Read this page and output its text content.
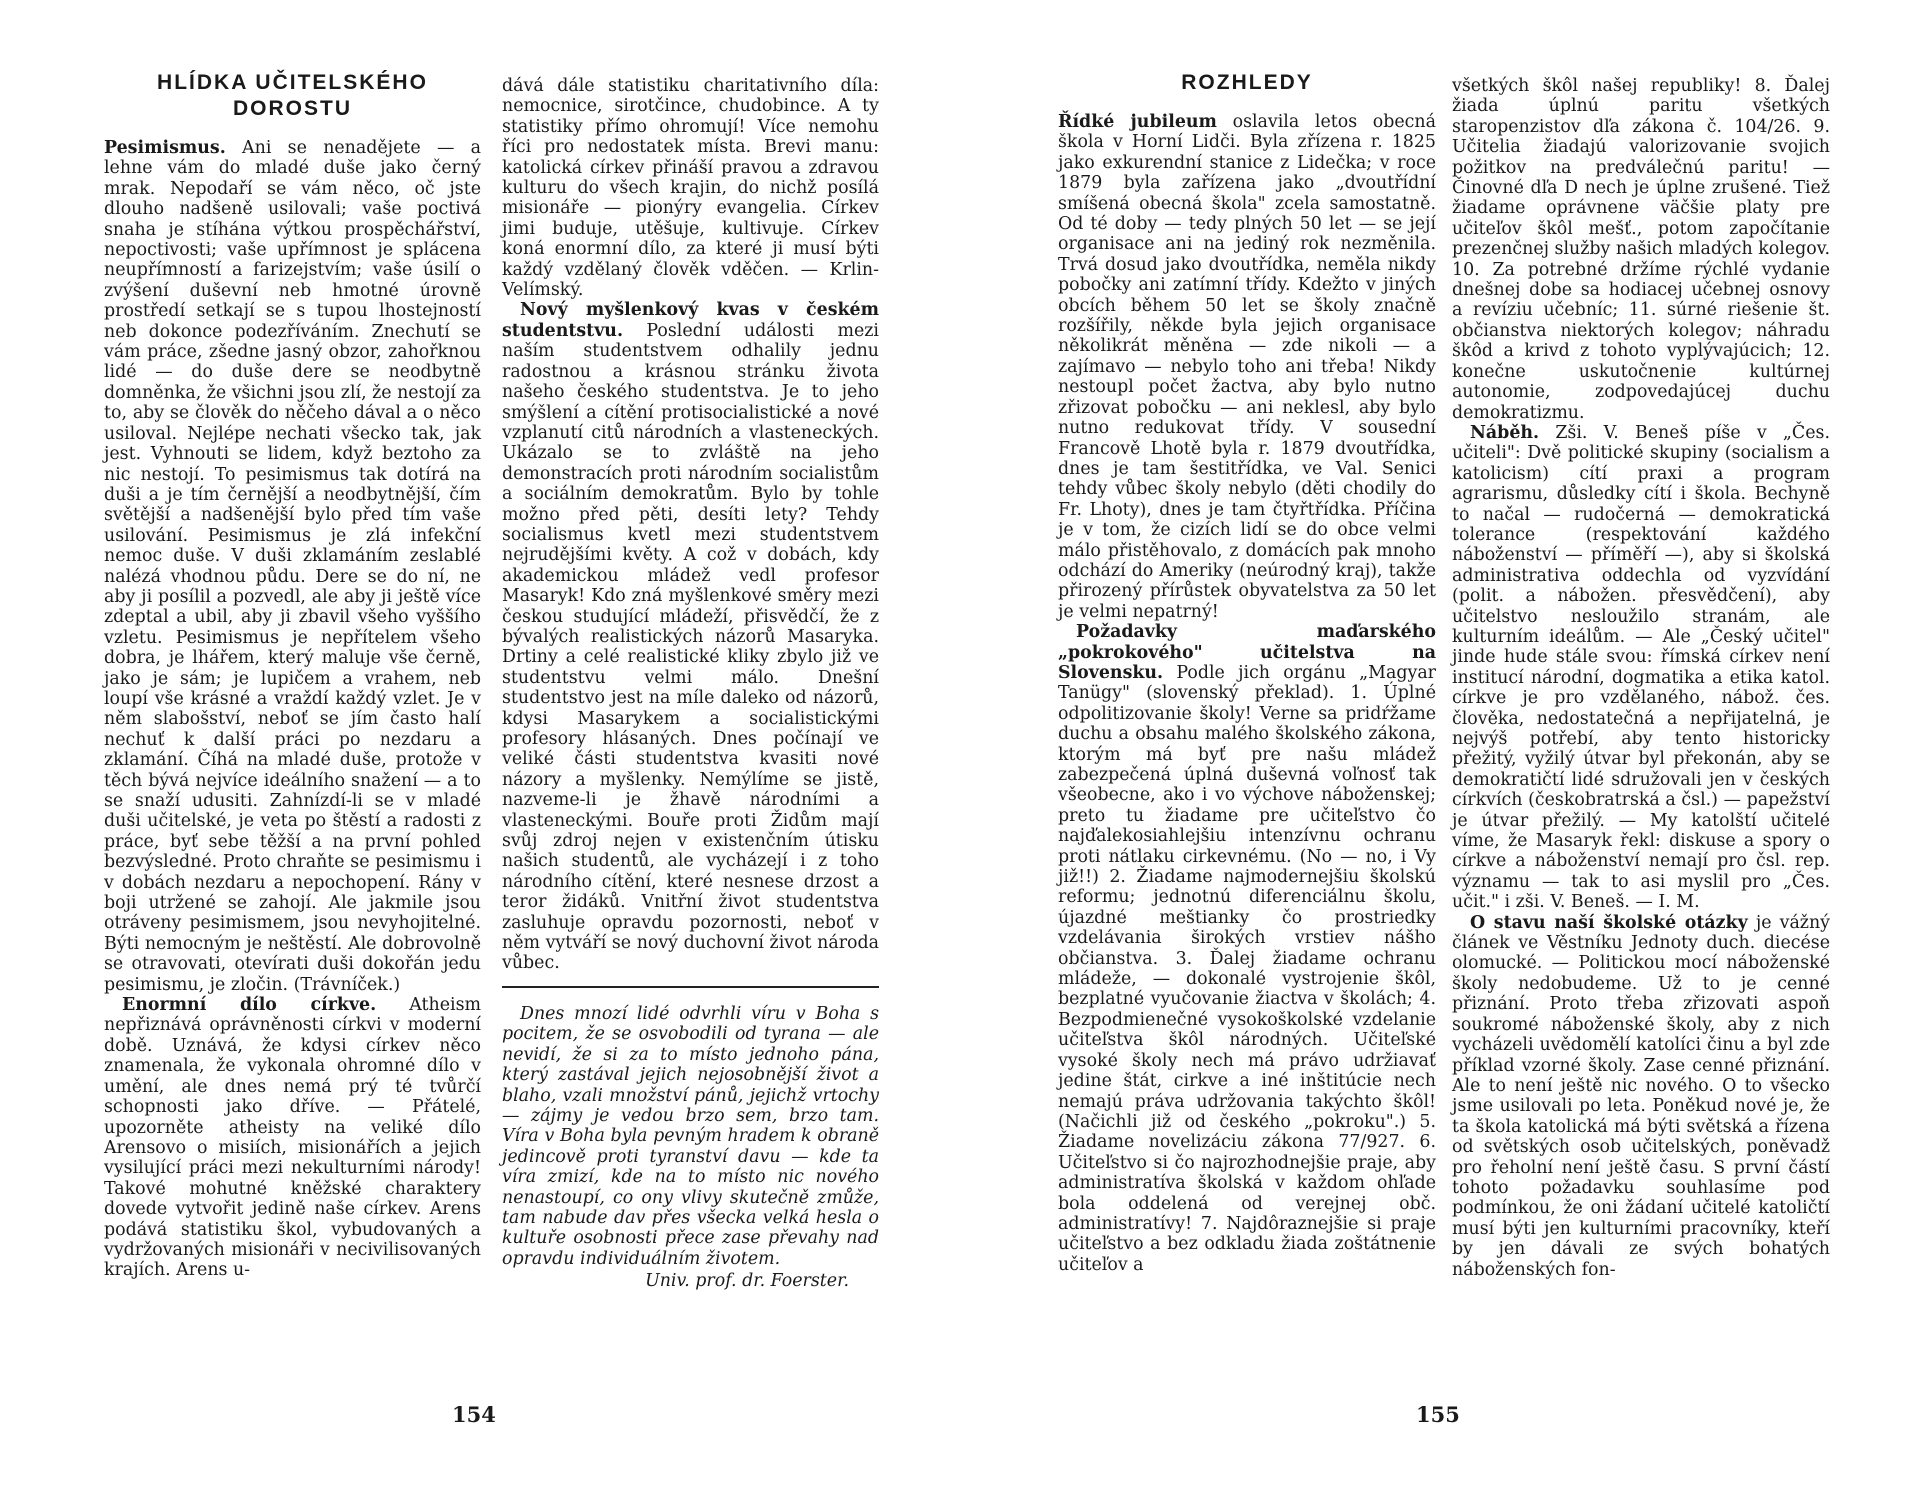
HLÍDKA UČITELSKÉHO DOROSTU

Pesimismus. Ani se nenadějete — a lehne vám do mladé duše jako černý mrak. Nepodaří se vám něco, oč jste dlouho nadšeně usilovali; vaše poctivá snaha je stíhána výtkou prospěchářství, nepoctivosti; vaše upřímnost je splácena neupřímností a farizejstvím; vaše úsilí o zvýšení duševní neb hmotné úrovně prostředí setkají se s tupou lhostejností neb dokonce podezříváním. Znechutí se vám práce, zšedne jasný obzor, zahořknou lidé — do duše dere se neodbytně domněnka, že všichni jsou zlí, že nestojí za to, aby se člověk do něčeho dával a o něco usiloval. Nejlépe nechati všecko tak, jak jest. Vyhnouti se lidem, když beztoho za nic nestojí. To pesimismus tak dotírá na duši a je tím černější a neodbytnější, čím světější a nadšenější bylo před tím vaše usilování. Pesimismus je zlá infekční nemoc duše. V duši zklamáním zeslablé nalézá vhodnou půdu. Dere se do ní, ne aby ji posílil a pozvedl, ale aby ji ještě více zdeptal a ubil, aby ji zbavil všeho vyššího vzletu. Pesimismus je nepřítelem všeho dobra, je lhářem, který maluje vše černě, jako je sám; je lupičem a vrahem, neb loupí vše krásné a vraždí každý vzlet. Je v něm slabošství, neboť se jím často halí nechuť k další práci po nezdaru a zklamání. Číhá na mladé duše, protože v těch bývá nejvíce ideálního snažení — a to se snaží udusiti. Zahnízdí-li se v mladé duši učitelské, je veta po štěstí a radosti z práce, byť sebe těžší a na první pohled bezvýsledné. Proto chraňte se pesimismu i v dobách nezdaru a nepochopení. Rány v boji utržené se zahojí. Ale jakmile jsou otráveny pesimismem, jsou nevyhojitelné. Býti nemocným je neštěstí. Ale dobrovolně se otravovati, otevírati duši dokořán jedu pesimismu, je zločin. (Trávníček.)

Enormní dílo církve. Atheism nepřiznává oprávněnosti církvi v moderní době. Uznává, že kdysi církev něco znamenala, že vykonala ohromné dílo v umění, ale dnes nemá prý té tvůrčí schopnosti jako dříve. — Přátelé, upozorněte atheisty na veliké dílo Arensovo o misiích, misionářích a jejich vysilující práci mezi nekulturními národy! Takové mohutné kněžské charaktery dovede vytvořit jedině naše církev. Arens podává statistiku škol, vybudovaných a vydržovaných misionáři v necivilisovaných krajích. Arens u-

dává dále statistiku charitativního díla: nemocnice, sirotčince, chudobince. A ty statistiky přímo ohromují! Více nemohu říci pro nedostatek místa. Brevi manu: katolická církev přináší pravou a zdravou kulturu do všech krajin, do nichž posílá misionáře — pionýry evangelia. Církev jimi buduje, utěšuje, kultivuje. Církev koná enormní dílo, za které ji musí býti každý vzdělaný člověk vděčen. — Krlin-Velímský.

Nový myšlenkový kvas v českém studentstvu. Poslední události mezi naším studentstvem odhalily jednu radostnou a krásnou stránku života našeho českého studentstva. Je to jeho smýšlení a cítění protisocialistické a nové vzplanutí citů národních a vlasteneckých. Ukázalo se to zvláště na jeho demonstracích proti národním socialistům a sociálním demokratům. Bylo by tohle možno před pěti, desíti lety? Tehdy socialismus kvetl mezi studentstvem nejrudějšími květy. A což v dobách, kdy akademickou mládež vedl profesor Masaryk! Kdo zná myšlenkové směry mezi českou studující mládeží, přisvědčí, že z bývalých realistických názorů Masaryka. Drtiny a celé realistické kliky zbylo již ve studentstvu velmi málo. Dnešní studentstvo jest na míle daleko od názorů, kdysi Masarykem a socialistickými profesory hlásaných. Dnes počínají ve veliké části studentstva kvasiti nové názory a myšlenky. Nemýlíme se jistě, nazveme-li je žhavě národními a vlasteneckými. Bouře proti Židům mají svůj zdroj nejen v existenčním útisku našich studentů, ale vycházejí i z toho národního cítění, které nesnese drzost a teror židáků. Vnitřní život studentstva zasluhuje opravdu pozornosti, neboť v něm vytváří se nový duchovní život národa vůbec.

Dnes mnozí lidé odvrhli víru v Boha s pocitem, že se osvobodili od tyrana — ale nevidí, že si za to místo jednoho pána, který zastával jejich nejosobnější život a blaho, vzali množství pánů, jejichž vrtochy — zájmy je vedou brzo sem, brzo tam. Víra v Boha byla pevným hradem k obraně jedincově proti tyranství davu — kde ta víra zmizí, kde na to místo nic nového nenastoupí, co ony vlivy skutečně zmůže, tam nabude dav přes všecka velká hesla o kultuře osobnosti přece zase převahy nad opravdu individuálním životem.

Univ. prof. dr. Foerster.
154
ROZHLEDY

Řídké jubileum oslavila letos obecná škola v Horní Lidči. Byla zřízena r. 1825 jako exkurendní stanice z Lidečka; v roce 1879 byla zařízena jako „dvoutřídní smíšená obecná škola" zcela samostatně. Od té doby — tedy plných 50 let — se její organisace ani na jediný rok nezměnila. Trvá dosud jako dvoutřídka, neměla nikdy pobočky ani zatímní třídy. Kdežto v jiných obcích během 50 let se školy značně rozšířily, někde byla jejich organisace několikrát měněna — zde nikoli — a zajímavo — nebylo toho ani třeba! Nikdy nestoupl počet žactva, aby bylo nutno zřizovat pobočku — ani neklesl, aby bylo nutno redukovat třídy. V sousední Francově Lhotě byla r. 1879 dvoutřídka, dnes je tam šestitřídka, ve Val. Senici tehdy vůbec školy nebylo (děti chodily do Fr. Lhoty), dnes je tam čtyřtřídka. Příčina je v tom, že cizích lidí se do obce velmi málo přistěhovalo, z domácích pak mnoho odchází do Ameriky (neúrodný kraj), takže přirozený přírůstek obyvatelstva za 50 let je velmi nepatrný!

Požadavky maďarského „pokrokového" učitelstva na Slovensku. Podle jich orgánu „Magyar Tanügy" (slovenský překlad). 1. Úplné odpolitizovanie školy! Verne sa pridŕžame duchu a obsahu malého školského zákona, ktorým má byť pre našu mládež zabezpečená úplná duševná voľnosť tak všeobecne, ako i vo výchove náboženskej; preto tu žiadame pre učiteľstvo čo najďalekosiahlejšiu intenzívnu ochranu proti nátlaku cirkevnému. (No — no, i Vy již!!) 2. Žiadame najmodernejšiu školskú reformu; jednotnú diferenciálnu školu, újazdné meštianky čo prostriedky vzdelávania širokých vrstiev nášho občianstva. 3. Ďalej žiadame ochranu mládeže, — dokonalé vystrojenie škôl, bezplatné vyučovanie žiactva v školách; 4. Bezpodmienečné vysokoškolské vzdelanie učiteľstva škôl národných. Učiteľské vysoké školy nech má právo udržiavať jedine štát, cirkve a iné inštitúcie nech nemajú práva udržovania takýchto škôl! (Načichli již od českého „pokroku".) 5. Žiadame novelizáciu zákona 77/927. 6. Učiteľstvo si čo najrozhodnejšie praje, aby administratíva školská v každom ohľade bola oddelená od verejnej obč. administratívy! 7. Najdôraznejšie si praje učiteľstvo a bez odkladu žiada zoštátnenie učiteľov a

všetkých škôl našej republiky! 8. Ďalej žiada úplnú paritu všetkých staropenzistov dľa zákona č. 104/26. 9. Učitelia žiadajú valorizovanie svojich požitkov na predválečnú paritu! — Činovné dľa D nech je úplne zrušené. Tiež žiadame oprávnene väčšie platy pre učiteľov škôl mešť., potom započítanie prezenčnej služby našich mladých kolegov. 10. Za potrebné držíme rýchlé vydanie dnešnej dobe sa hodiacej učebnej osnovy a revíziu učebníc; 11. súrné riešenie št. občianstva niektorých kolegov; náhradu škôd a krivd z tohoto vyplývajúcich; 12. konečne uskutočnenie kultúrnej autonomie, zodpovedajúcej duchu demokratizmu.

Náběh. Zši. V. Beneš píše v „Čes. učiteli": Dvě politické skupiny (socialism a katolicism) cítí praxi a program agrarismu, důsledky cítí i škola. Bechyně to načal — rudočerná — demokratická tolerance (respektování každého náboženství — příměří —), aby si školská administrativa oddechla od vyzvídání (polit. a nábožen. přesvědčení), aby učitelstvo nesloužilo stranám, ale kulturním ideálům. — Ale „Český učitel" jinde hude stále svou: římská církev není institucí národní, dogmatika a etika katol. církve je pro vzdělaného, nábož. čes. člověka, nedostatečná a nepřijatelná, je nejvýš potřebí, aby tento historicky přežitý, vyžilý útvar byl překonán, aby se demokratičtí lidé sdružovali jen v českých církvích (českobratrská a čsl.) — papežství je útvar přežilý. — My katolští učitelé víme, že Masaryk řekl: diskuse a spory o církve a náboženství nemají pro čsl. rep. významu — tak to asi myslil pro „Čes. učit." i zši. V. Beneš. — I. M.

O stavu naší školské otázky je vážný článek ve Věstníku Jednoty duch. diecése olomucké. — Politickou mocí náboženské školy nedobudeme. Už to je cenné přiznání. Proto třeba zřizovati aspoň soukromé náboženské školy, aby z nich vycházeli uvědomělí katolíci činu a byl zde příklad vzorné školy. Zase cenné přiznání. Ale to není ještě nic nového. O to všecko jsme usilovali po leta. Poněkud nové je, že ta škola katolická má býti světská a řízena od světských osob učitelských, poněvadž pro řeholní není ještě času. S první částí tohoto požadavku souhlasíme pod podmínkou, že oni žádaní učitelé katoličtí musí býti jen kulturními pracovníky, kteří by jen dávali ze svých bohatých náboženských fon-

155
